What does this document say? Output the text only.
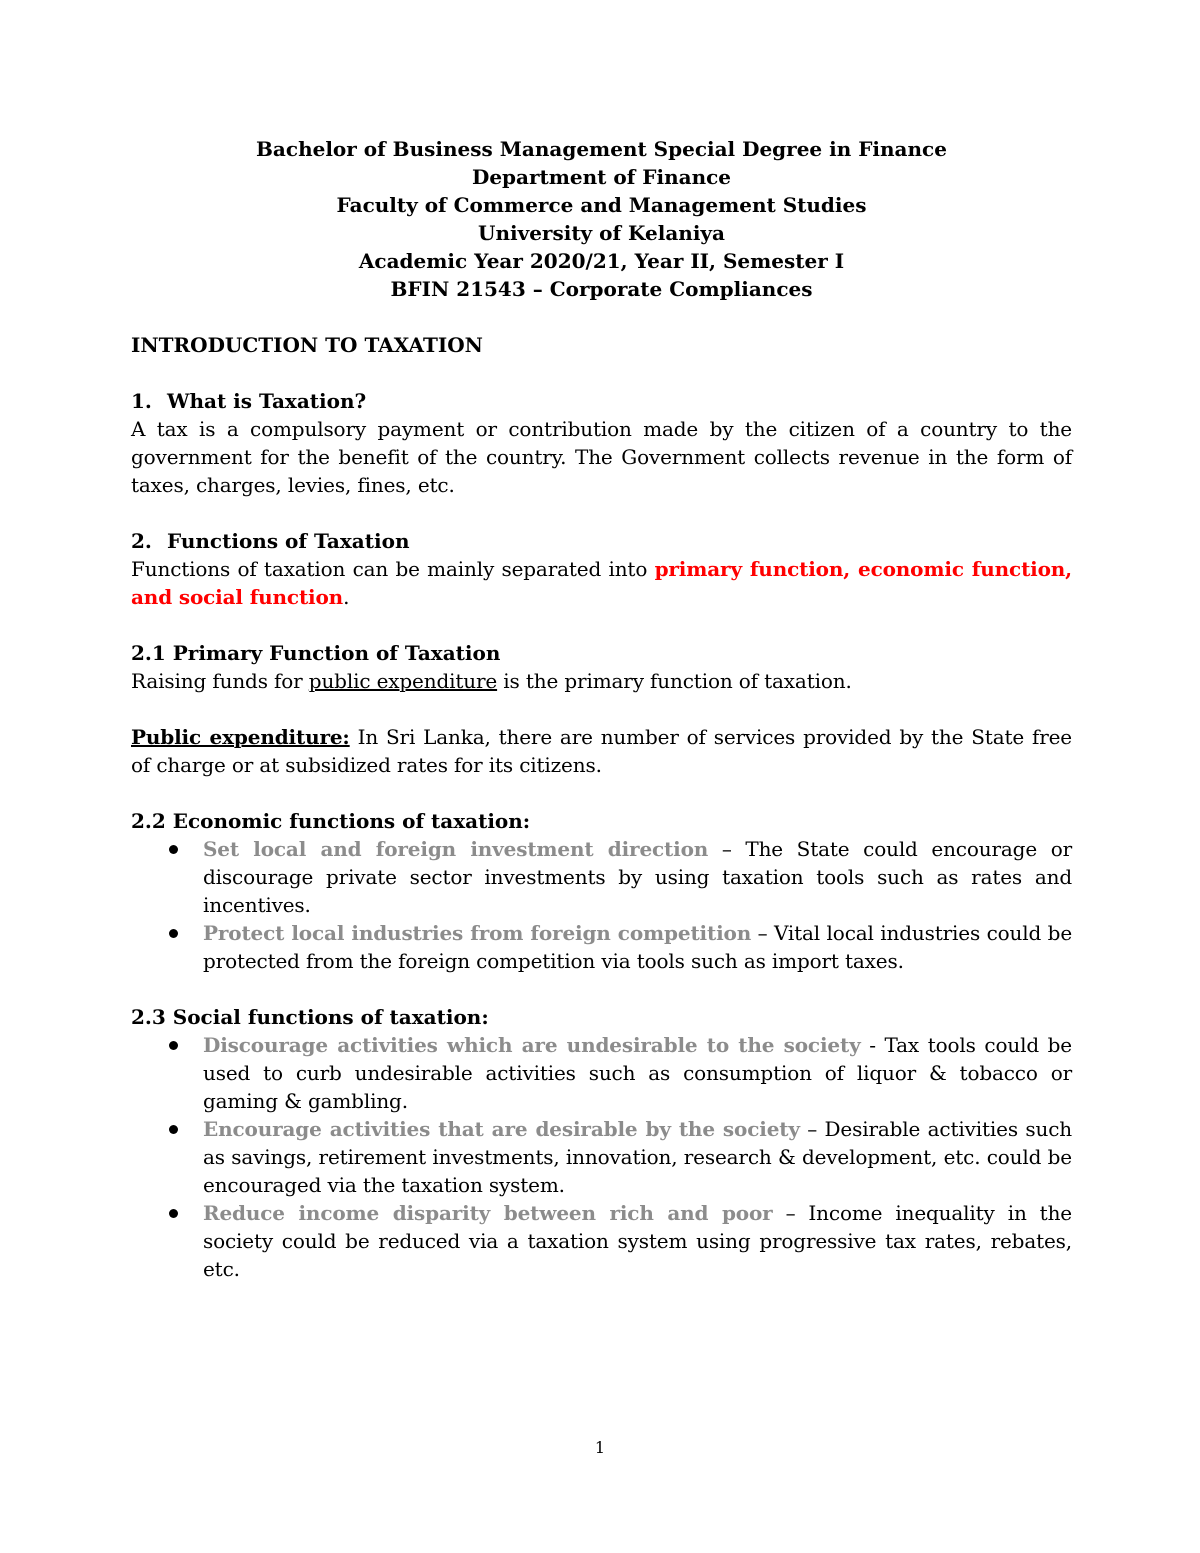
Bachelor of Business Management Special Degree in Finance
Department of Finance
Faculty of Commerce and Management Studies
University of Kelaniya
Academic Year 2020/21, Year II, Semester I
BFIN 21543 – Corporate Compliances
INTRODUCTION TO TAXATION
1. What is Taxation?
A tax is a compulsory payment or contribution made by the citizen of a country to the government for the benefit of the country. The Government collects revenue in the form of taxes, charges, levies, fines, etc.
2. Functions of Taxation
Functions of taxation can be mainly separated into primary function, economic function, and social function.
2.1 Primary Function of Taxation
Raising funds for public expenditure is the primary function of taxation.
Public expenditure: In Sri Lanka, there are number of services provided by the State free of charge or at subsidized rates for its citizens.
2.2 Economic functions of taxation:
Set local and foreign investment direction – The State could encourage or discourage private sector investments by using taxation tools such as rates and incentives.
Protect local industries from foreign competition – Vital local industries could be protected from the foreign competition via tools such as import taxes.
2.3 Social functions of taxation:
Discourage activities which are undesirable to the society - Tax tools could be used to curb undesirable activities such as consumption of liquor & tobacco or gaming & gambling.
Encourage activities that are desirable by the society – Desirable activities such as savings, retirement investments, innovation, research & development, etc. could be encouraged via the taxation system.
Reduce income disparity between rich and poor – Income inequality in the society could be reduced via a taxation system using progressive tax rates, rebates, etc.
1
